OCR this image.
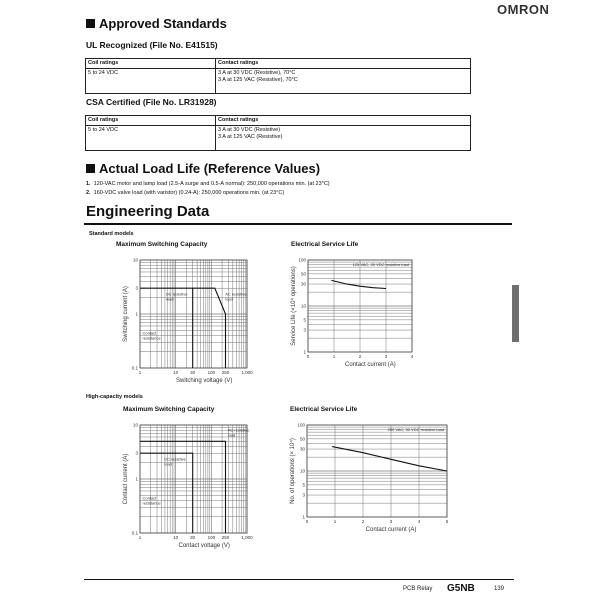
OMRON
Approved Standards
UL Recognized (File No. E41515)
Coil ratings	Contact ratings
5 to 24 VDC	3 A at 30 VDC (Resistive), 70°C
3 A at 125 VAC (Resistive), 70°C
CSA Certified (File No. LR31928)
Coil ratings	Contact ratings
5 to 24 VDC	3 A at 30 VDC (Resistive)
3 A at 125 VAC (Resistive)
Actual Load Life (Reference Values)
1. 120-VAC motor and lamp load (2.5-A surge and 0.5-A normal): 250,000 operations min. (at 23°C)
2. 160-VDC valve load (with varistor) (0.24-A): 250,000 operations min. (at 23°C)
Engineering Data
Standard models
Maximum Switching Capacity	Electrical Service Life
High-capacity models
Maximum Switching Capacity	Electrical Service Life
1	10	30	100 250	1,000
0.1
1
3
10
Switching voltage (V)
Switching current (A)	DC resistive
load
AC resistive
load
Contact
resistance
0	1	2	3	4
1
3
5
10
30
50
100
Contact current (A)
Service Life (×10⁴ operations)
125 VAC, 30 VDC resistive load
1	10	30	100 250	1,000
0.1
1
3
10
Contact voltage (V)
Contact current (A)	DC resistive
load
AC resistive
load
Contact
resistance
0	1	2	3	4	5
1
3
5
10
30
50
100
Contact current (A)
No. of operations (× 10⁴)
250 VAC, 30 VDC resistive load
PCB Relay G5NB	139
